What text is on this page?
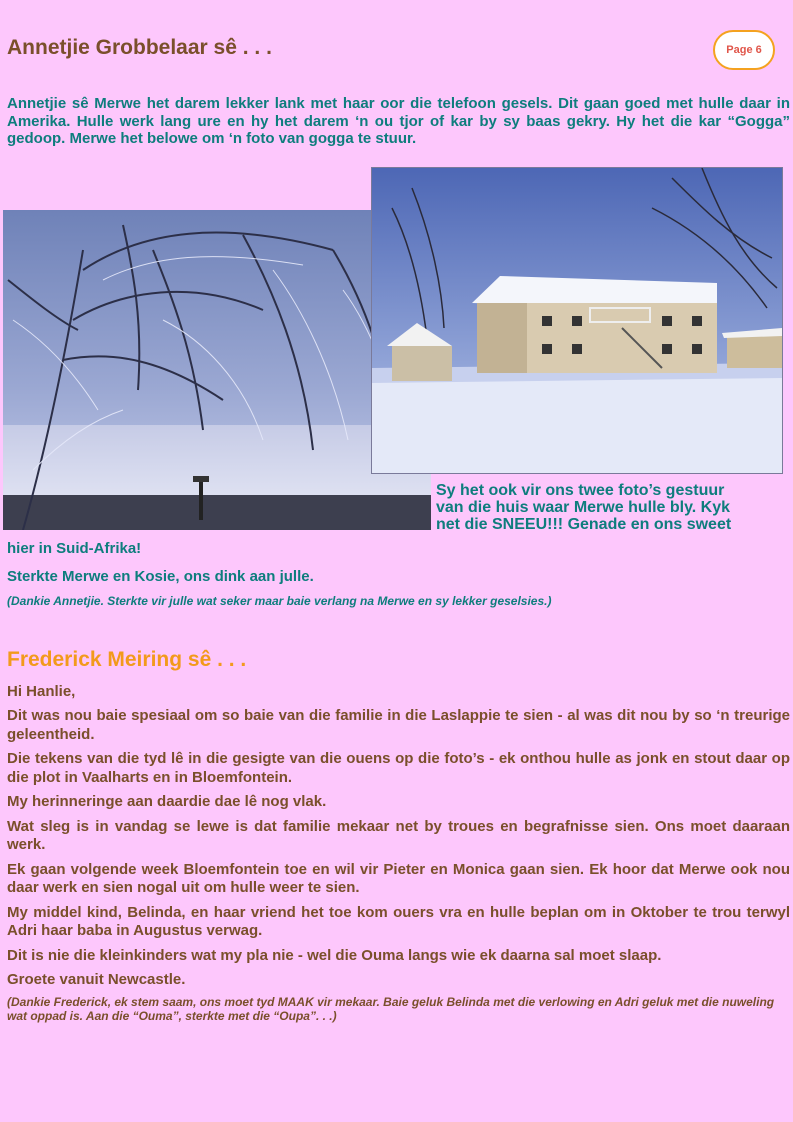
Annetjie Grobbelaar sê . . .	Page 6
Annetjie sê Merwe het darem lekker lank met haar oor die telefoon gesels. Dit gaan goed met hulle daar in Amerika. Hulle werk lang ure en hy het darem ‘n ou tjor of kar by sy baas gekry. Hy het die kar “Gogga” gedoop. Merwe het belowe om ‘n foto van gogga te stuur.
Sy het ook vir ons twee foto’s gestuur
van die huis waar Merwe hulle bly. Kyk
net die SNEEU!!! Genade en ons sweet
hier in Suid-Afrika!
Sterkte Merwe en Kosie, ons dink aan julle.
(Dankie Annetjie. Sterkte vir julle wat seker maar baie verlang na Merwe en sy lekker geselsies.)
Frederick Meiring sê . . .
Hi Hanlie,
Dit was nou baie spesiaal om so baie van die familie in die Laslappie te sien - al was dit nou by so ‘n treurige geleentheid.
Die tekens van die tyd lê in die gesigte van die ouens op die foto’s - ek onthou hulle as jonk en stout daar op die plot in Vaalharts en in Bloemfontein.
My herinneringe aan daardie dae lê nog vlak.
Wat sleg is in vandag se lewe is dat familie mekaar net by troues en begrafnisse sien. Ons moet daaraan werk.
Ek gaan volgende week Bloemfontein toe en wil vir Pieter en Monica gaan sien. Ek hoor dat Merwe ook nou daar werk en sien nogal uit om hulle weer te sien.
My middel kind, Belinda, en haar vriend het toe kom ouers vra en hulle beplan om in Oktober te trou terwyl Adri haar baba in Augustus verwag.
Dit is nie die kleinkinders wat my pla nie - wel die Ouma langs wie ek daarna sal moet slaap.
Groete vanuit Newcastle.
(Dankie Frederick, ek stem saam, ons moet tyd MAAK vir mekaar. Baie geluk Belinda met die verlowing en Adri geluk met die nuweling wat oppad is. Aan die “Ouma”, sterkte met die “Oupa”. . .)
